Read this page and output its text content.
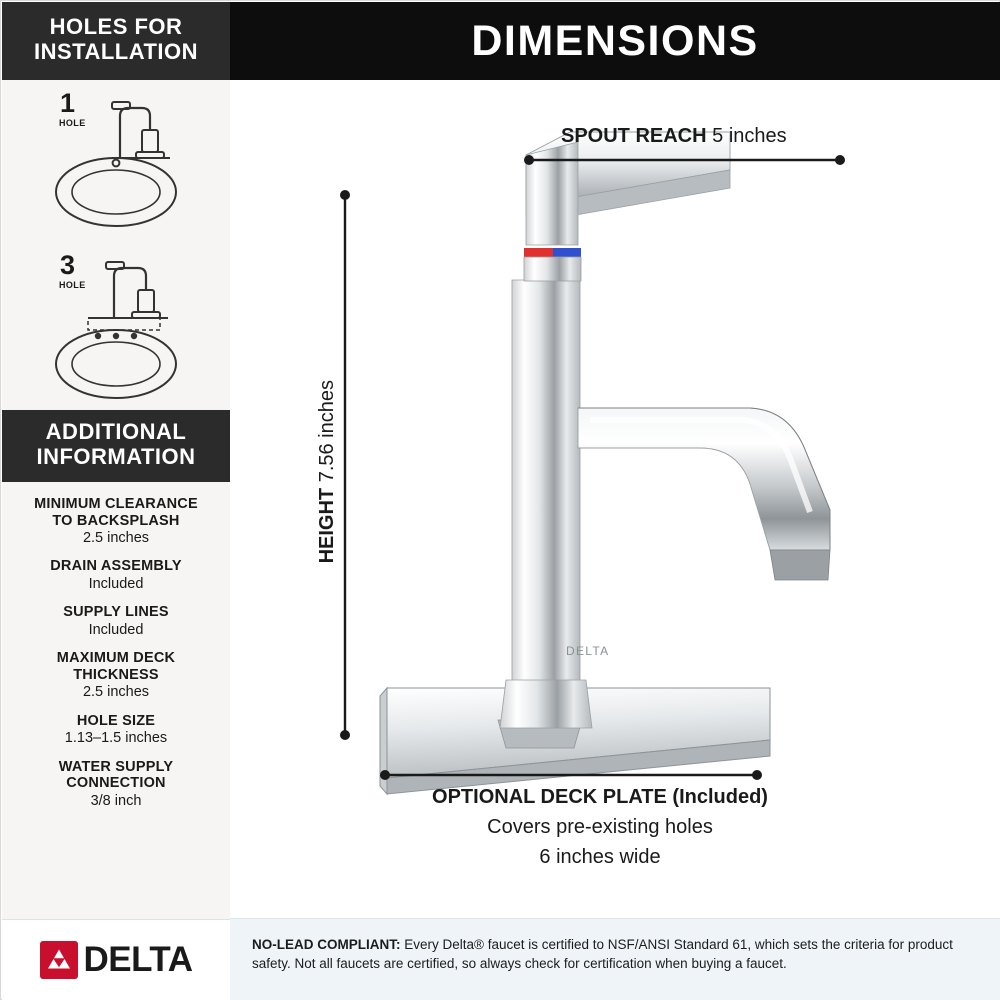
HOLES FOR
INSTALLATION
1
HOLE
3
HOLE
ADDITIONAL
INFORMATION
MINIMUM CLEARANCE
TO BACKSPLASH
2.5 inches
DRAIN ASSEMBLY
Included
SUPPLY LINES
Included
MAXIMUM DECK
THICKNESS
2.5 inches
HOLE SIZE
1.13–1.5 inches
WATER SUPPLY
CONNECTION
3/8 inch
DELTA
DIMENSIONS
DELTA
SPOUT REACH 5 inches
HEIGHT 7.56 inches
OPTIONAL DECK PLATE (Included)
Covers pre-existing holes
6 inches wide

NO-LEAD COMPLIANT: Every Delta® faucet is certified to NSF/ANSI Standard 61, which sets the criteria for product safety. Not all faucets are certified, so always check for certification when buying a faucet.
